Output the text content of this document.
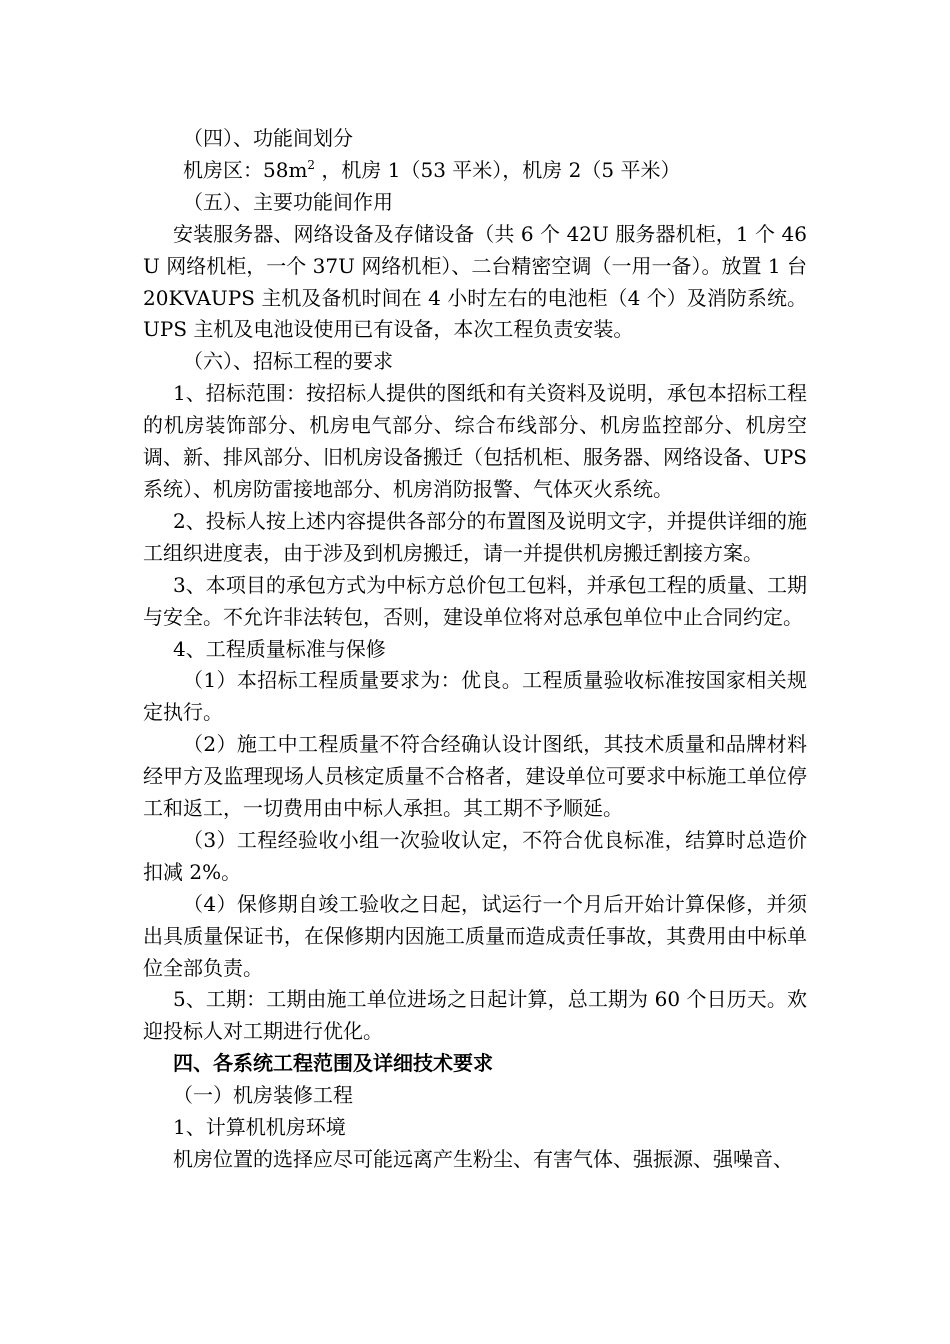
（四）、功能间划分

机房区：$58m^2$ ，机房 1（53 平米），机房 2（5 平米）

（五）、主要功能间作用

安装服务器、网络设备及存储设备（共 6 个 42U 服务器机柜，1 个 46U 网络机柜，一个 37U 网络机柜）、二台精密空调（一用一备）。放置 1 台 20KVAUPS 主机及备机时间在 4 小时左右的电池柜（4 个）及消防系统。UPS 主机及电池设使用已有设备，本次工程负责安装。

（六）、招标工程的要求

1、招标范围：按招标人提供的图纸和有关资料及说明，承包本招标工程的机房装饰部分、机房电气部分、综合布线部分、机房监控部分、机房空调、新、排风部分、旧机房设备搬迁（包括机柜、服务器、网络设备、UPS 系统）、机房防雷接地部分、机房消防报警、气体灭火系统。

2、投标人按上述内容提供各部分的布置图及说明文字，并提供详细的施工组织进度表，由于涉及到机房搬迁，请一并提供机房搬迁割接方案。

3、本项目的承包方式为中标方总价包工包料，并承包工程的质量、工期与安全。不允许非法转包，否则，建设单位将对总承包单位中止合同约定。

4、工程质量标准与保修

（1）本招标工程质量要求为：优良。工程质量验收标准按国家相关规定执行。

（2）施工中工程质量不符合经确认设计图纸，其技术质量和品牌材料经甲方及监理现场人员核定质量不合格者，建设单位可要求中标施工单位停工和返工，一切费用由中标人承担。其工期不予顺延。

（3）工程经验收小组一次验收认定，不符合优良标准，结算时总造价扣减 2%。

（4）保修期自竣工验收之日起，试运行一个月后开始计算保修，并须出具质量保证书，在保修期内因施工质量而造成责任事故，其费用由中标单位全部负责。

5、工期：工期由施工单位进场之日起计算，总工期为 60 个日历天。欢迎投标人对工期进行优化。

四、各系统工程范围及详细技术要求

（一）机房装修工程

1、计算机机房环境

机房位置的选择应尽可能远离产生粉尘、有害气体、强振源、强噪音、
